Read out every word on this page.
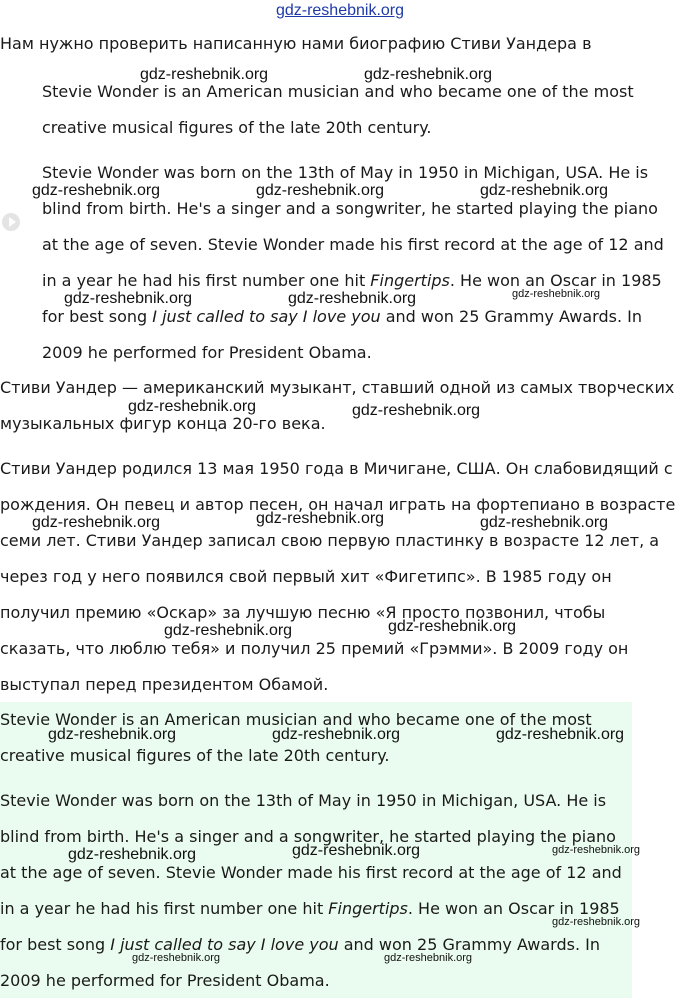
gdz-reshebnik.org
Нам нужно проверить написанную нами биографию Стиви Уандера в

Stevie Wonder is an American musician and who became one of the most creative musical figures of the late 20th century.

Stevie Wonder was born on the 13th of May in 1950 in Michigan, USA. He is blind from birth. He's a singer and a songwriter, he started playing the piano at the age of seven. Stevie Wonder made his first record at the age of 12 and in a year he had his first number one hit Fingertips. He won an Oscar in 1985 for best song I just called to say I love you and won 25 Grammy Awards. In 2009 he performed for President Obama.

Стиви Уандер — американский музыкант, ставший одной из самых творческих музыкальных фигур конца 20-го века.

Стиви Уандер родился 13 мая 1950 года в Мичигане, США. Он слабовидящий с рождения. Он певец и автор песен, он начал играть на фортепиано в возрасте семи лет. Стиви Уандер записал свою первую пластинку в возрасте 12 лет, а через год у него появился свой первый хит «Фигетипс». В 1985 году он получил премию «Оскар» за лучшую песню «Я просто позвонил, чтобы сказать, что люблю тебя» и получил 25 премий «Грэмми». В 2009 году он выступал перед президентом Обамой.

Stevie Wonder is an American musician and who became one of the most creative musical figures of the late 20th century.

Stevie Wonder was born on the 13th of May in 1950 in Michigan, USA. He is blind from birth. He's a singer and a songwriter, he started playing the piano at the age of seven. Stevie Wonder made his first record at the age of 12 and in a year he had his first number one hit Fingertips. He won an Oscar in 1985 for best song I just called to say I love you and won 25 Grammy Awards. In 2009 he performed for President Obama.

gdz-reshebnik.org	gdz-reshebnik.org
gdz-reshebnik.org	gdz-reshebnik.org	gdz-reshebnik.org
gdz-reshebnik.org	gdz-reshebnik.org	gdz-reshebnik.org
gdz-reshebnik.org	gdz-reshebnik.org
gdz-reshebnik.org	gdz-reshebnik.org	gdz-reshebnik.org
gdz-reshebnik.org	gdz-reshebnik.org
gdz-reshebnik.org	gdz-reshebnik.org	gdz-reshebnik.org
gdz-reshebnik.org	gdz-reshebnik.org	gdz-reshebnik.org
gdz-reshebnik.org
gdz-reshebnik.org	gdz-reshebnik.org
